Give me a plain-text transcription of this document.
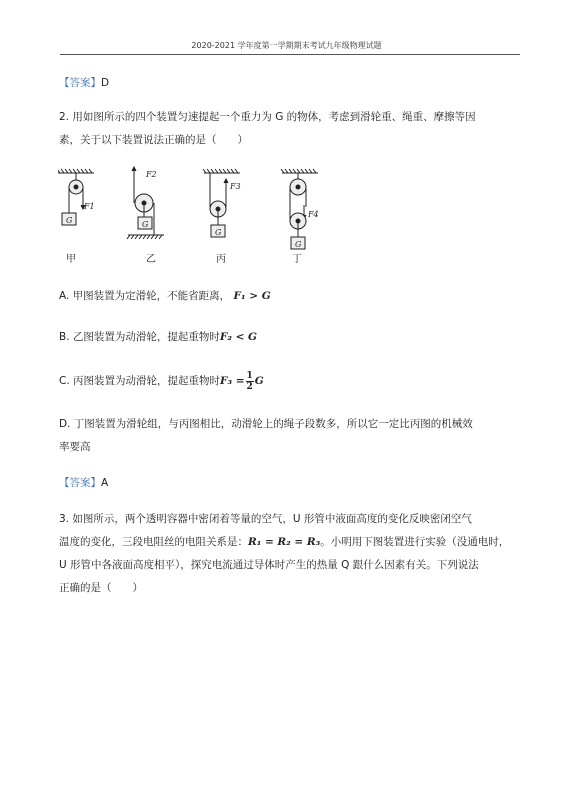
2020-2021 学年度第一学期期末考试九年级物理试题
【答案】D
2. 用如图所示的四个装置匀速提起一个重力为 G 的物体，考虑到滑轮重、绳重、摩擦等因
素，关于以下装置说法正确的是（　　）
F1
F2
F3
F4
G	G
G
G
甲	乙	丙	丁
A. 甲图装置为定滑轮，不能省距离， F₁ > G
B. 乙图装置为动滑轮，提起重物时F₂ < G
C. 丙图装置为动滑轮，提起重物时$F_3 = \frac{1}{2}$ G
D. 丁图装置为滑轮组，与丙图相比，动滑轮上的绳子段数多，所以它一定比丙图的机械效
率要高
【答案】A
3. 如图所示，两个透明容器中密闭着等量的空气，U 形管中液面高度的变化反映密闭空气
温度的变化，三段电阻丝的电阻关系是：R₁ = R₂ = R₃。小明用下图装置进行实验（没通电时，
U 形管中各液面高度相平），探究电流通过导体时产生的热量 Q 跟什么因素有关。下列说法
正确的是（　　）
